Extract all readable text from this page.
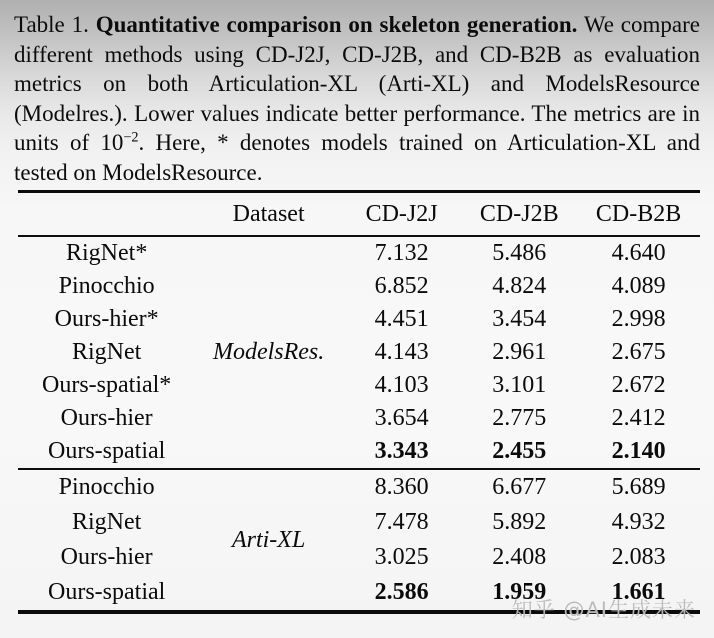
Table 1. Quantitative comparison on skeleton generation. We compare different methods using CD-J2J, CD-J2B, and CD-B2B as evaluation metrics on both Articulation-XL (Arti-XL) and ModelsResource (Modelres.). Lower values indicate better performance. The metrics are in units of $10^{-2}$. Here, * denotes models trained on Articulation-XL and tested on ModelsResource.
	Dataset	CD-J2J	CD-J2B	CD-B2B
RigNet*	ModelsRes.	7.132	5.486	4.640
Pinocchio		6.852	4.824	4.089
Ours-hier*		4.451	3.454	2.998
RigNet		4.143	2.961	2.675
Ours-spatial*		4.103	3.101	2.672
Ours-hier		3.654	2.775	2.412
Ours-spatial		3.343	2.455	2.140
Pinocchio	Arti-XL	8.360	6.677	5.689
RigNet		7.478	5.892	4.932
Ours-hier		3.025	2.408	2.083
Ours-spatial		2.586	1.959	1.661
知乎 @AI生成未来
